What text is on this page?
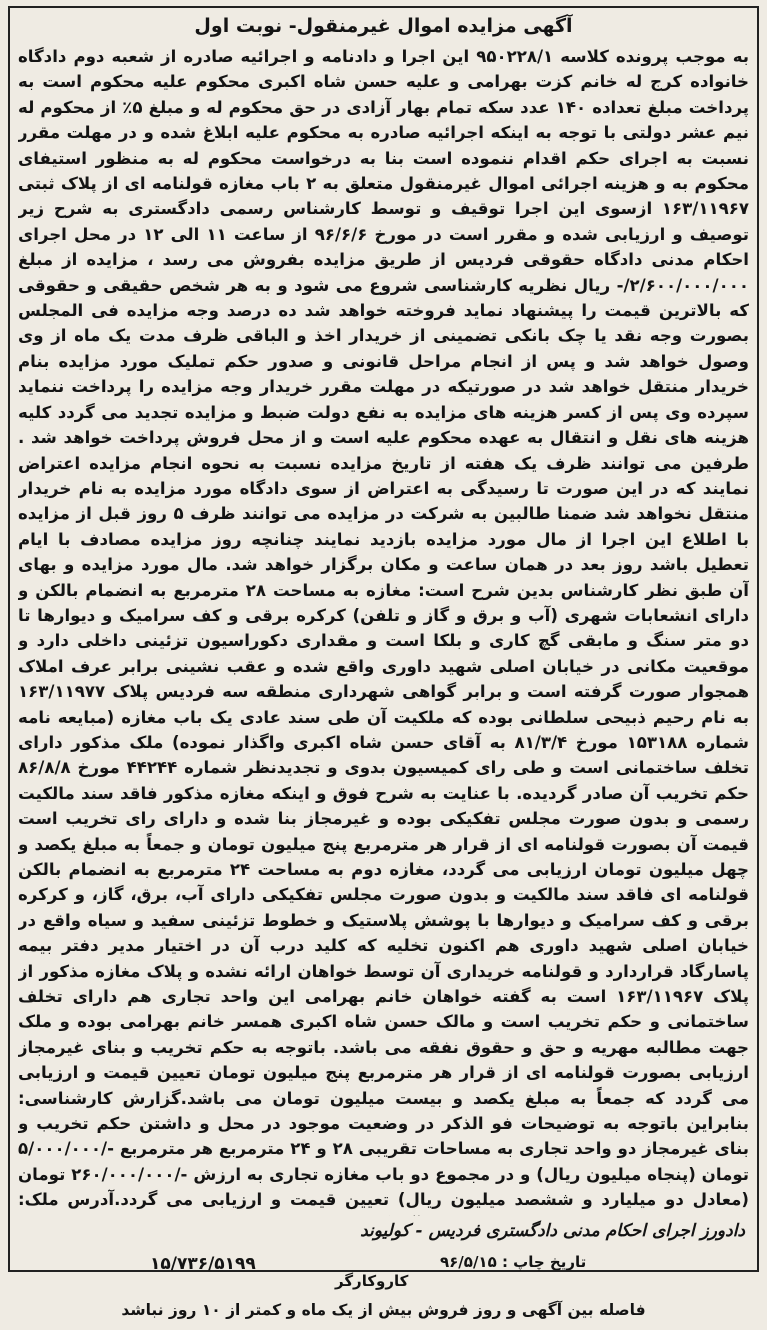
آگهی مزایده اموال غیرمنقول- نوبت اول

به موجب پرونده کلاسه ۹۵۰۲۲۸/۱ این اجرا و دادنامه و اجرائیه صادره از شعبه دوم دادگاه خانواده کرج له خانم کزت بهرامی و علیه حسن شاه اکبری محکوم علیه محکوم است به پرداخت مبلغ تعداده ۱۴۰ عدد سکه تمام بهار آزادی در حق محکوم له و مبلغ ۵٪ از محکوم له نیم عشر دولتی با توجه به اینکه اجرائیه صادره به محکوم علیه ابلاغ شده و در مهلت مقرر نسبت به اجرای حکم اقدام ننموده است بنا به درخواست محکوم له به منظور استیفای محکوم به و هزینه اجرائی اموال غیرمنقول متعلق به ۲ باب مغازه قولنامه ای از پلاک ثبتی ۱۶۳/۱۱۹۶۷ ازسوی این اجرا توقیف و توسط کارشناس رسمی دادگستری به شرح زیر توصیف و ارزیابی شده و مقرر است در مورخ ۹۶/۶/۶ از ساعت ۱۱ الی ۱۲ در محل اجرای احکام مدنی دادگاه حقوقی فردیس از طریق مزایده بفروش می رسد ، مزایده از مبلغ ۲/۶۰۰/۰۰۰/۰۰۰/- ریال نظریه کارشناسی شروع می شود و به هر شخص حقیقی و حقوقی که بالاترین قیمت را پیشنهاد نماید فروخته خواهد شد ده درصد وجه مزایده فی المجلس بصورت وجه نقد یا چک بانکی تضمینی از خریدار اخذ و الباقی ظرف مدت یک ماه از وی وصول خواهد شد و پس از انجام مراحل قانونی و صدور حکم تملیک مورد مزایده بنام خریدار منتقل خواهد شد در صورتیکه در مهلت مقرر خریدار وجه مزایده را پرداخت ننماید سپرده وی پس از کسر هزینه های مزایده به نفع دولت ضبط و مزایده تجدید می گردد کلیه هزینه های نقل و انتقال به عهده محکوم علیه است و از محل فروش پرداخت خواهد شد . طرفین می توانند ظرف یک هفته از تاریخ مزایده نسبت به نحوه انجام مزایده اعتراض نمایند که در این صورت تا رسیدگی به اعتراض از سوی دادگاه مورد مزایده به نام خریدار منتقل نخواهد شد ضمنا طالبین به شرکت در مزایده می توانند ظرف ۵ روز قبل از مزایده با اطلاع این اجرا از مال مورد مزایده بازدید نمایند چنانچه روز مزایده مصادف با ایام تعطیل باشد روز بعد در همان ساعت و مکان برگزار خواهد شد. مال مورد مزایده و بهای آن طبق نظر کارشناس بدین شرح است: مغازه به مساحت ۲۸ مترمربع به انضمام بالکن و دارای انشعابات شهری (آب و برق و گاز و تلفن) کرکره برقی و کف سرامیک و دیوارها تا دو متر سنگ و مابقی گچ کاری و بلکا است و مقداری دکوراسیون تزئینی داخلی دارد و موقعیت مکانی در خیابان اصلی شهید داوری واقع شده و عقب نشینی برابر عرف املاک همجوار صورت گرفته است و برابر گواهی شهرداری منطقه سه فردیس پلاک ۱۶۳/۱۱۹۷۷ به نام رحیم ذبیحی سلطانی بوده که ملکیت آن طی سند عادی یک باب مغازه (مبایعه نامه شماره ۱۵۳۱۸۸ مورخ ۸۱/۳/۴ به آقای حسن شاه اکبری واگذار نموده) ملک مذکور دارای تخلف ساختمانی است و طی رای کمیسیون بدوی و تجدیدنظر شماره ۴۴۲۴۴ مورخ ۸۶/۸/۸ حکم تخریب آن صادر گردیده. با عنایت به شرح فوق و اینکه مغازه مذکور فاقد سند مالکیت رسمی و بدون صورت مجلس تفکیکی بوده و غیرمجاز بنا شده و دارای رای تخریب است قیمت آن بصورت قولنامه ای از قرار هر مترمربع پنج میلیون تومان و جمعاً به مبلغ یکصد و چهل میلیون تومان ارزیابی می گردد، مغازه دوم به مساحت ۲۴ مترمربع به انضمام بالکن قولنامه ای فاقد سند مالکیت و بدون صورت مجلس تفکیکی دارای آب، برق، گاز، و کرکره برقی و کف سرامیک و دیوارها با پوشش پلاستیک و خطوط تزئینی سفید و سیاه واقع در خیابان اصلی شهید داوری هم اکنون تخلیه که کلید درب آن در اختیار مدیر دفتر بیمه پاسارگاد قراردارد و قولنامه خریداری آن توسط خواهان ارائه نشده و پلاک مغازه مذکور از پلاک ۱۶۳/۱۱۹۶۷ است به گفته خواهان خانم بهرامی این واحد تجاری هم دارای تخلف ساختمانی و حکم تخریب است و مالک حسن شاه اکبری همسر خانم بهرامی بوده و ملک جهت مطالبه مهریه و حق و حقوق نفقه می باشد. باتوجه به حکم تخریب و بنای غیرمجاز ارزیابی بصورت قولنامه ای از قرار هر مترمربع پنج میلیون تومان تعیین قیمت و ارزیابی می گردد که جمعاً به مبلغ یکصد و بیست میلیون تومان می باشد.گزارش کارشناسی: بنابراین باتوجه به توضیحات فو الذکر در وضعیت موجود در محل و داشتن حکم تخریب و بنای غیرمجاز دو واحد تجاری به مساحات تقریبی ۲۸ و ۲۴ مترمربع هر مترمربع -/۵/۰۰۰/۰۰۰ تومان (پنجاه میلیون ریال) و در مجموع دو باب مغازه تجاری به ارزش -/۲۶۰/۰۰۰/۰۰۰ تومان (معادل دو میلیارد و ششصد میلیون ریال) تعیین قیمت و ارزیابی می گردد.آدرس ملک:

دادورز اجرای احکام مدنی دادگستری فردیس - کولیوند

۱۵/۷۳۶/۵۱۹۹	تاریخ چاپ : ۹۶/۵/۱۵
کاروکارگر

فاصله بین آگهی و روز فروش بیش از یک ماه و کمتر از ۱۰ روز نباشد
